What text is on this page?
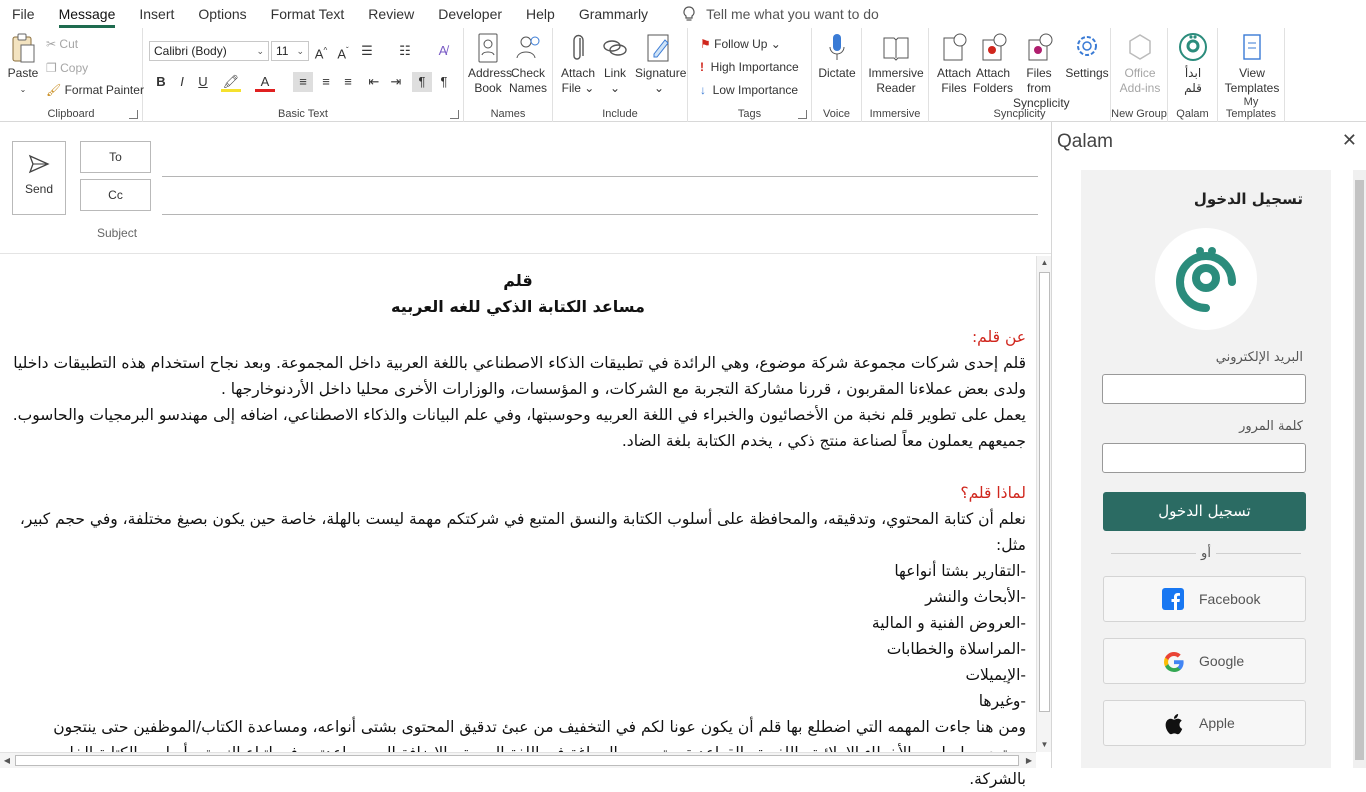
File	Message	Insert	Options	Format Text	Review	Developer	Help	Grammarly	Tell me what you want to do
Paste
⌄
✂
Cut
❐
Copy
🖌
Format Painter
Clipboard
Calibri (Body)	⌄	11 ⌄ A^ $A^ˇ$ ☰	☷	A̸
B	I	U	🖍	A	≡	≡	≡	⇤ ⇥	¶	¶
Basic Text
Address
Book
Check
Names
Names
Attach
File ⌄
Link
⌄
Signature
⌄
Include
⚑
Follow Up ⌄
!
High Importance
↓
Low Importance
Tags
Dictate
Voice
Immersive
Reader
Immersive
Attach
Files
Attach
Folders
Files from
Syncplicity
Settings
Syncplicity
Office
Add-ins
New Group
ابدأ
قلم
Qalam
View
Templates
My Templates
Send
To
Cc
Subject
قلم
مساعد الكتابة الذكي للغه العربيه

عن قلم:

قلم إحدى شركات مجموعة شركة موضوع، وهي الرائدة في تطبيقات الذكاء الاصطناعي باللغة العربية داخل المجموعة. وبعد نجاح استخدام هذه التطبيقات داخليا ولدى بعض عملاءنا المقربون ، قررنا مشاركة التجربة مع الشركات، و المؤسسات، والوزارات الأخرى محليا داخل الأردنوخارجها .

يعمل على تطوير قلم نخبة من الأخصائيون والخبراء في اللغة العربيه وحوسبتها، وفي علم البيانات والذكاء الاصطناعي، اضافه إلى مهندسو البرمجيات والحاسوب. جميعهم يعملون معاً لصناعة منتج ذكي ، يخدم الكتابة بلغة الضاد.

لماذا قلم؟

نعلم أن كتابة المحتوي، وتدقيقه، والمحافظة على أسلوب الكتابة والنسق المتبع في شركتكم مهمة ليست بالهلة، خاصة حين يكون بصيغ مختلفة، وفي حجم كبير، مثل:

-التقارير بشتا أنواعها

-الأبحاث والنشر

-العروض الفنية و المالية

-المراسلاة والخطابات

-الإيميلات

-وغيرها

ومن هنا جاءت المهمه التي اضطلع بها قلم أن يكون عونا لكم في التخفيف من عبئ تدقيق المحتوى بشتى أنواعه، ومساعدة الكتاب/الموظفين حتى ينتجون بالشركة.

▲
▼
◀	▶
Qalam	✕
تسجيل الدخول
البريد الإلكتروني
كلمة المرور
تسجيل الدخول
أو
Facebook
Google
Apple
